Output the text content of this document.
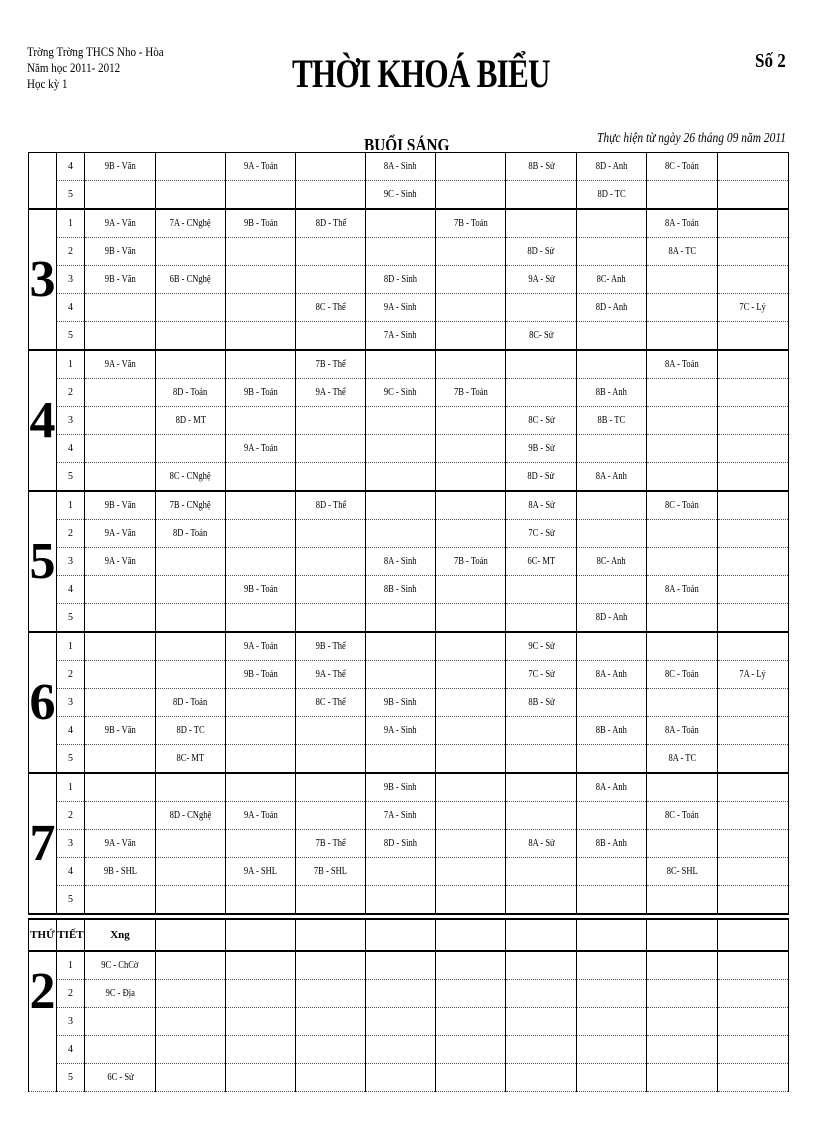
Trờng Trờng THCS Nho - Hòa
Năm học 2011- 2012
Học kỳ 1	THỜI KHOÁ BIỂU	Số 2
BUỔI SÁNG	Thực hiện từ ngày 26 tháng 09 năm 2011
	4	9B - Văn		9A - Toán		8A - Sinh		8B - Sử	8D - Anh	8C - Toán	
	5					9C - Sinh			8D - TC		
3	1	9A - Văn	7A - CNghệ	9B - Toán	8D - Thể		7B - Toán			8A - Toán	
	2	9B - Văn						8D - Sử		8A - TC	
	3	9B - Văn	6B - CNghệ			8D - Sinh		9A - Sử	8C- Anh		
	4				8C - Thể	9A - Sinh			8D - Anh		7C - Lý
	5					7A - Sinh		8C- Sử			
4	1	9A - Văn			7B - Thể					8A - Toán	
	2		8D - Toán	9B - Toán	9A - Thể	9C - Sinh	7B - Toán		8B - Anh		
	3		8D - MT					8C - Sử	8B - TC		
	4			9A - Toán				9B - Sử			
	5		8C - CNghệ					8D - Sử	8A - Anh		
5	1	9B - Văn	7B - CNghệ		8D - Thể			8A - Sử		8C - Toán	
	2	9A - Văn	8D - Toán					7C - Sử			
	3	9A - Văn				8A - Sinh	7B - Toán	6C- MT	8C- Anh		
	4			9B - Toán		8B - Sinh				8A - Toán	
	5								8D - Anh		
6	1			9A - Toán	9B - Thể			9C - Sử			
	2			9B - Toán	9A - Thể			7C - Sử	8A - Anh	8C - Toán	7A - Lý
	3		8D - Toán		8C - Thể	9B - Sinh		8B - Sử			
	4	9B - Văn	8D - TC			9A - Sinh			8B - Anh	8A - Toán	
	5		8C- MT							8A - TC	
7	1					9B - Sinh			8A - Anh		
	2		8D - CNghệ	9A - Toán		7A - Sinh				8C - Toán	
	3	9A - Văn			7B - Thể	8D - Sinh		8A - Sử	8B - Anh		
	4	9B - SHL		9A - SHL	7B - SHL					8C- SHL	
	5										
THỨ	TIẾT	Xng									
2	1	9C - ChCờ									
	2	9C - Địa									
	3										
	4										
	5	6C - Sử									
